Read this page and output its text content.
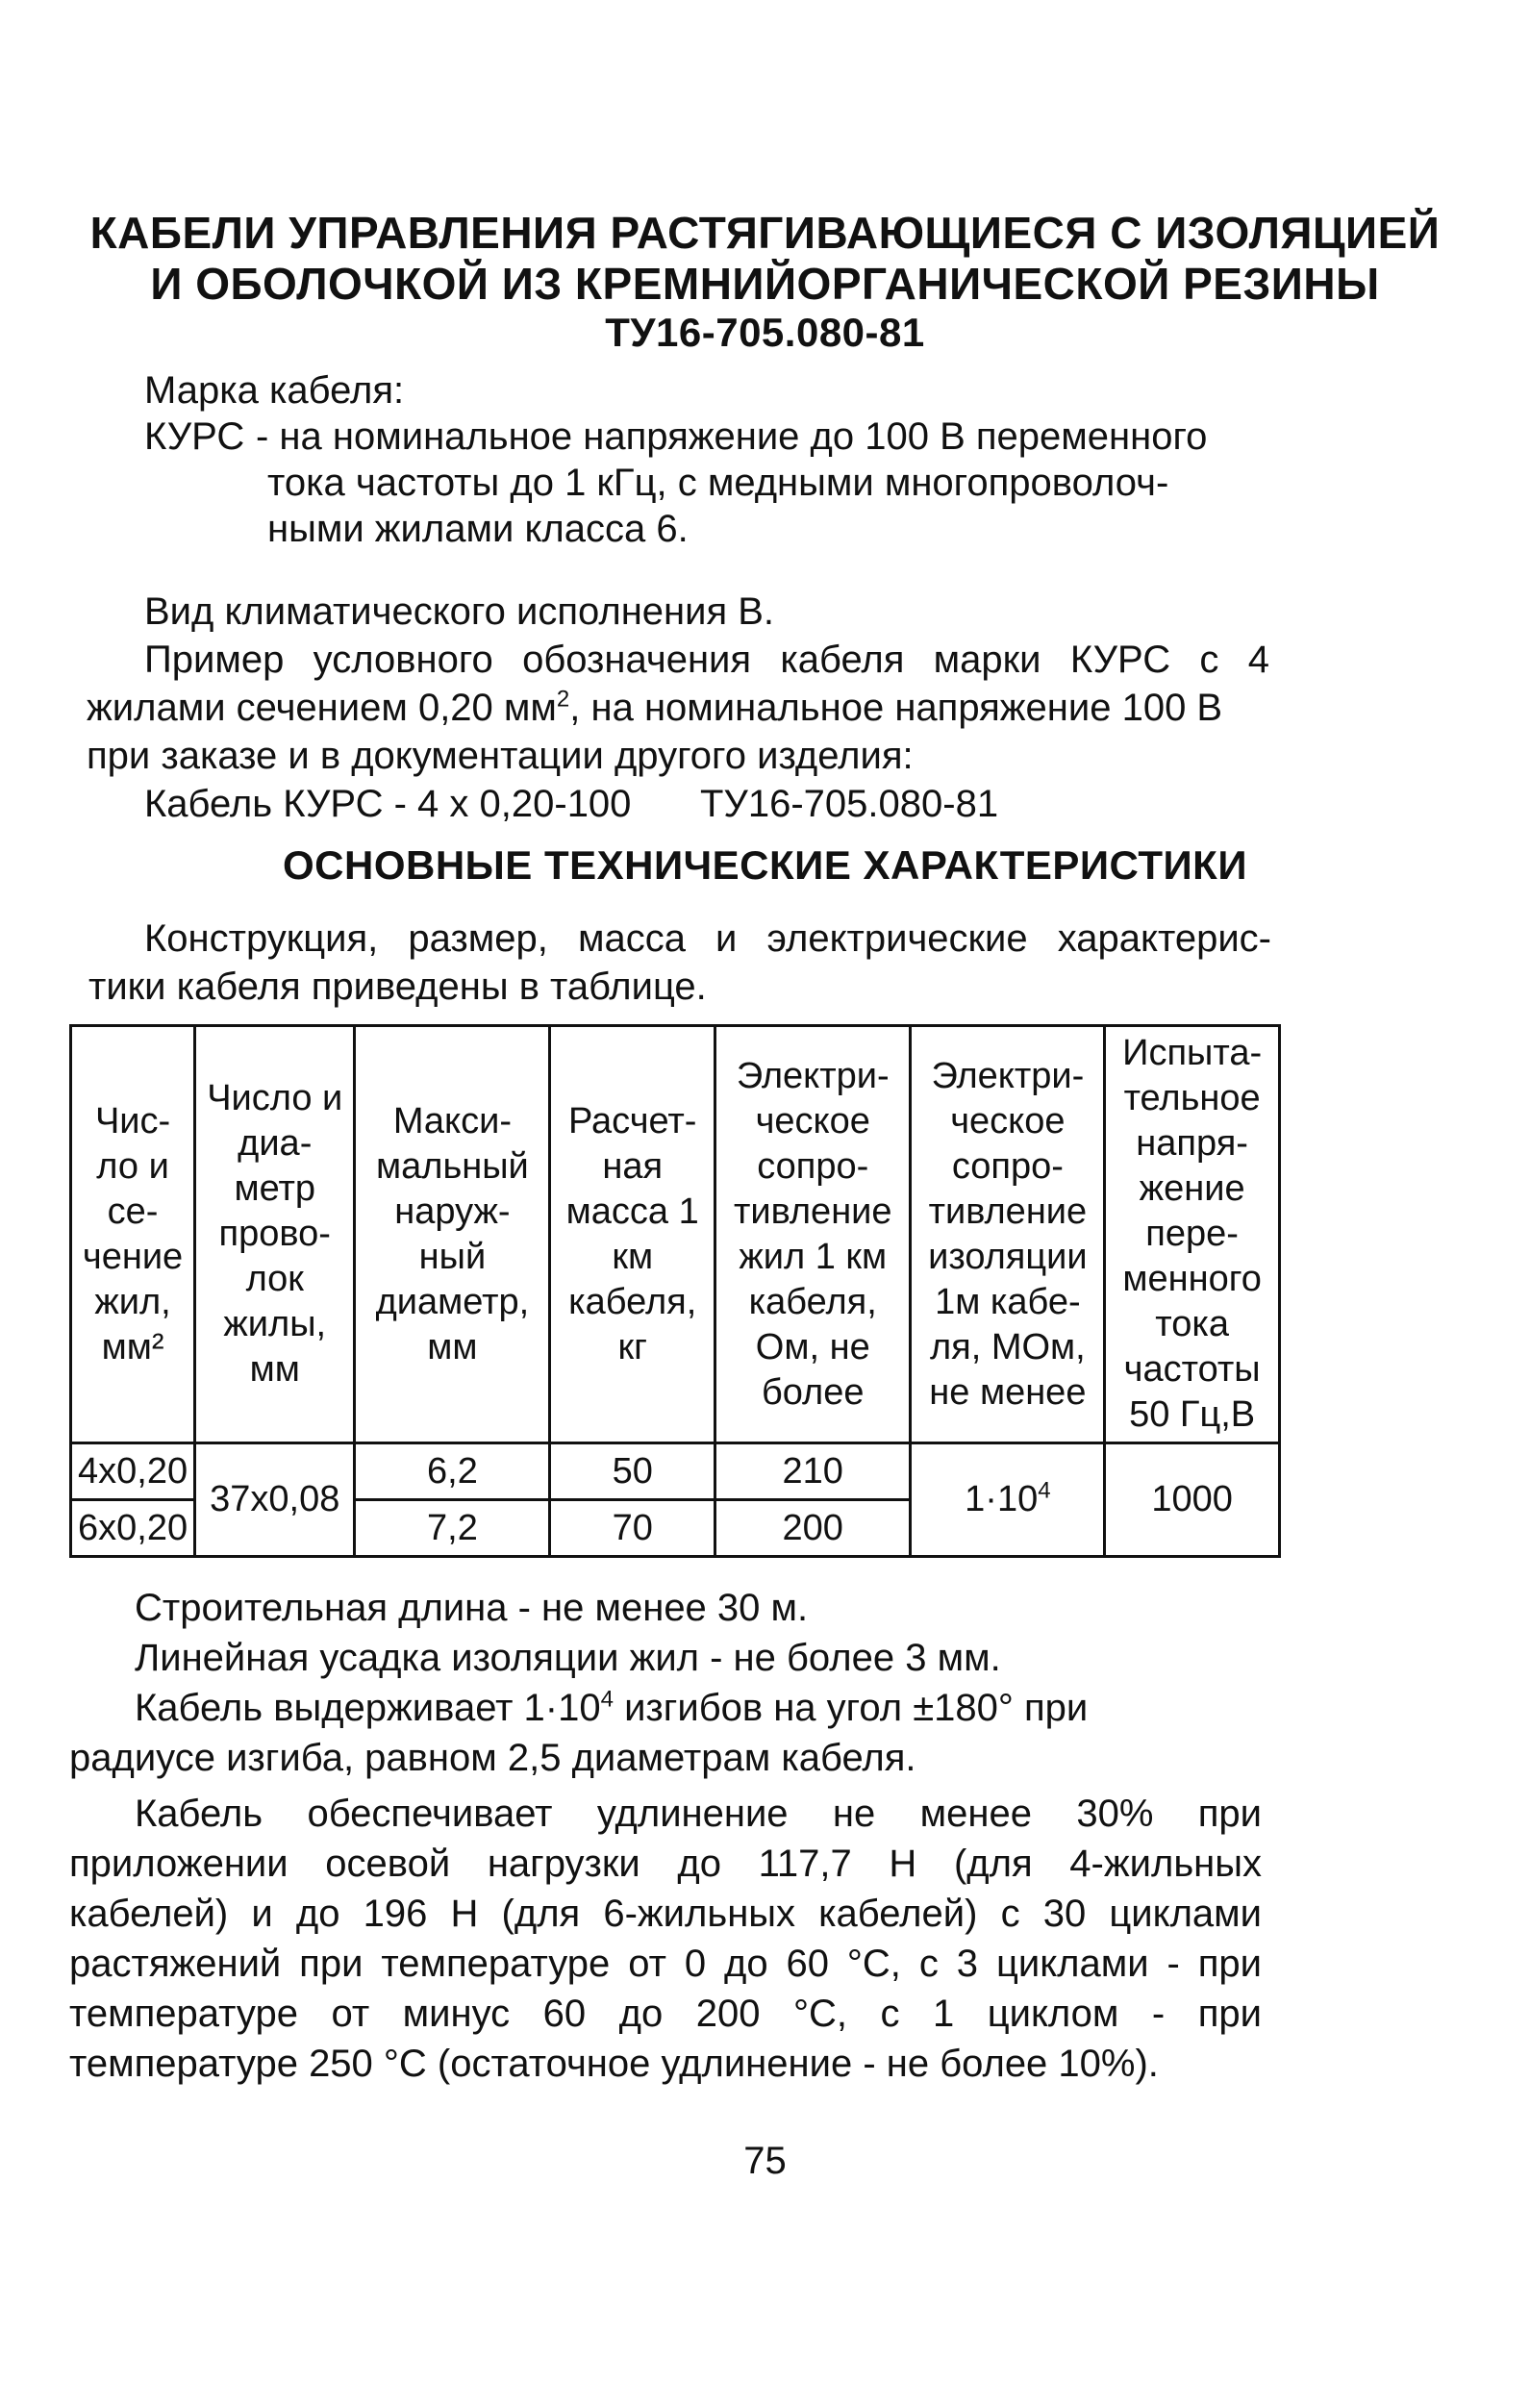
КАБЕЛИ УПРАВЛЕНИЯ РАСТЯГИВАЮЩИЕСЯ С ИЗОЛЯЦИЕЙ
И ОБОЛОЧКОЙ ИЗ КРЕМНИЙОРГАНИЧЕСКОЙ РЕЗИНЫ
ТУ16-705.080-81
Марка кабеля:
КУРС - на номинальное напряжение до 100 В переменного
тока частоты до 1 кГц, с медными многопроволоч-
ными жилами класса 6.
Вид климатического исполнения В.
Пример условного обозначения кабеля марки КУРС с 4
жилами сечением 0,20 $мм^2$, на номинальное напряжение 100 В
при заказе и в документации другого изделия:
Кабель КУРС - 4 х 0,20-100 ТУ16-705.080-81
ОСНОВНЫЕ ТЕХНИЧЕСКИЕ ХАРАКТЕРИСТИКИ
Конструкция, размер, масса и электрические характерис-
тики кабеля приведены в таблице.
Чис- ло и се- чение жил, мм²	Число и диа- метр прово- лок жилы, мм	Макси- мальный наруж- ный диаметр, мм	Расчет- ная масса 1 км кабеля, кг	Электри- ческое сопро- тивление жил 1 км кабеля, Ом, не более	Электри- ческое сопро- тивление изоляции 1м кабе- ля, МОм, не менее	Испыта- тельное напря- жение пере- менного тока частоты 50 Гц,В
4х0,20	37х0,08	6,2	50	210	$1\cdot 10^4$	1000
6х0,20		7,2	70	200		
Строительная длина - не менее 30 м.
Линейная усадка изоляции жил - не более 3 мм.
Кабель выдерживает $1\cdot 10^4$ изгибов на угол ±180° при
радиусе изгиба, равном 2,5 диаметрам кабеля.
Кабель обеспечивает удлинение не менее 30% при
приложении осевой нагрузки до 117,7 Н (для 4-жильных
кабелей) и до 196 Н (для 6-жильных кабелей) с 30 циклами
растяжений при температуре от 0 до 60 °С, с 3 циклами - при
температуре от минус 60 до 200 °С, с 1 циклом - при
температуре 250 °С (остаточное удлинение - не более 10%).
75
